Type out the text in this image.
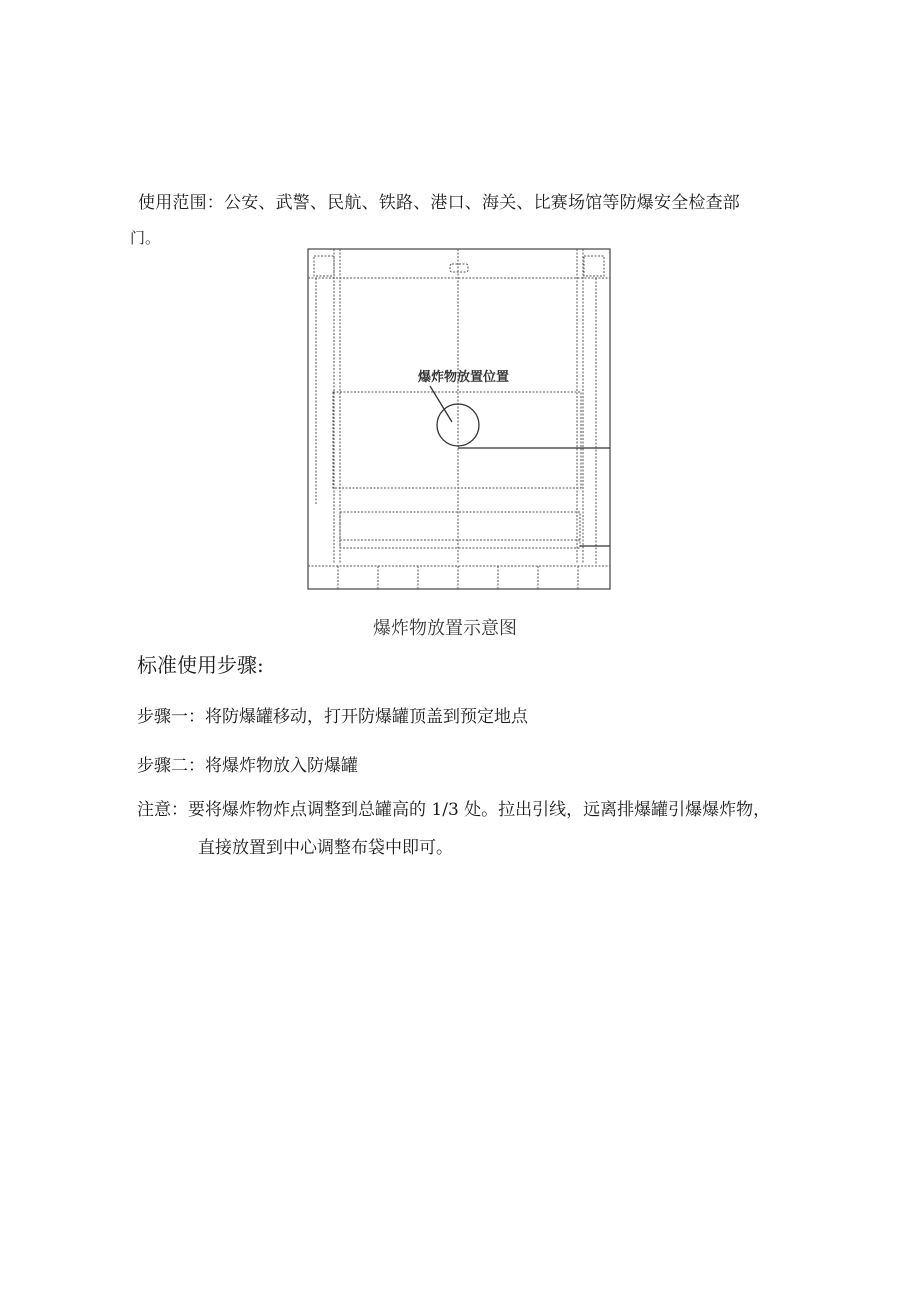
使用范围：公安、武警、民航、铁路、港口、海关、比赛场馆等防爆安全检查部
门。
爆炸物放置位置
爆炸物放置示意图
标准使用步骤:
步骤一：将防爆罐移动，打开防爆罐顶盖到预定地点
步骤二：将爆炸物放入防爆罐
注意：要将爆炸物炸点调整到总罐高的 1/3 处。拉出引线，远离排爆罐引爆爆炸物，
直接放置到中心调整布袋中即可。
